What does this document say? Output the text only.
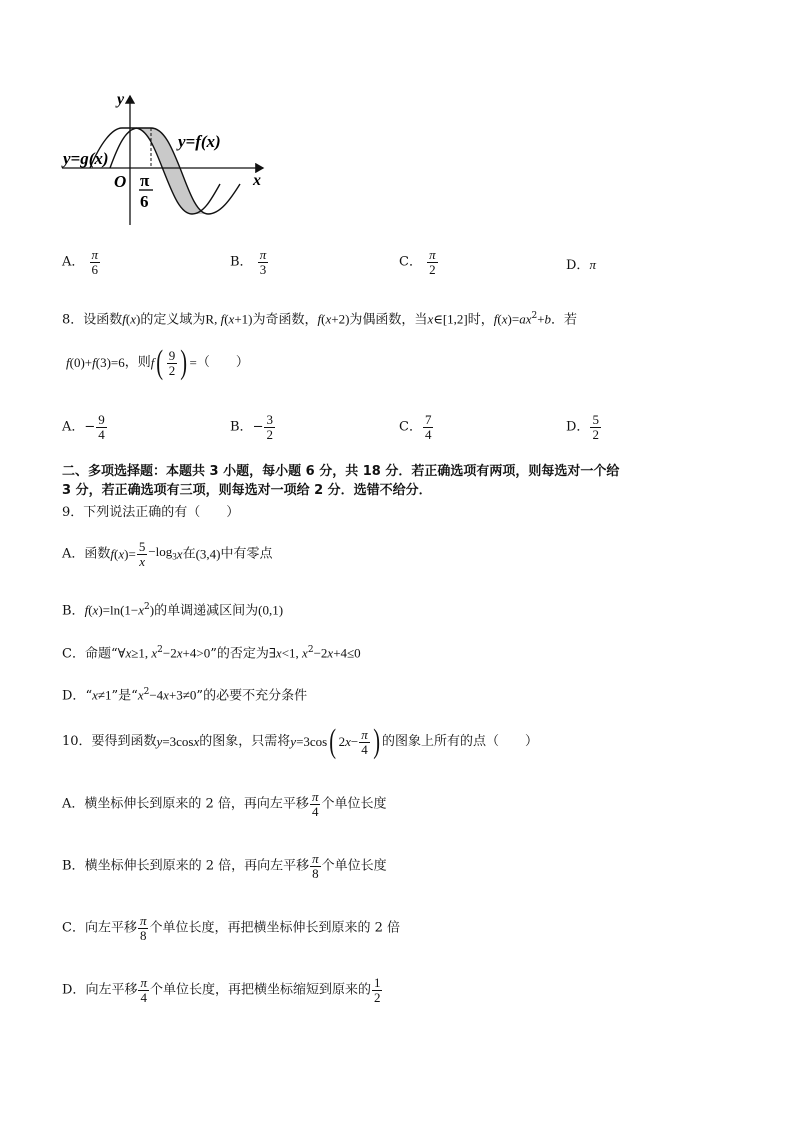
y
x
O
y=g(x)
y=f(x)
π
6
A． $\frac{\pi}{6}$	B． $\frac{\pi}{3}$	C． $\frac{\pi}{2}$	D．π
8．设函数f(x)的定义域为R, f(x+1)为奇函数，f(x+2)为偶函数，当x∈[1,2]时，$f(x)=ax^2+b$．若
f(0)+f(3)=6，则$f( \frac{9}{2}$ ) =（　　）
A．− $\frac{9}{4}$	B．− $\frac{3}{2}$	C． $\frac{7}{4}$	D． $\frac{5}{2}$
二、多项选择题：本题共 3 小题，每小题 6 分，共 18 分．若正确选项有两项，则每选对一个给
3 分，若正确选项有三项，则每选对一项给 2 分．选错不给分．
9．下列说法正确的有（　　）
A．函数$f(x)= \frac{5}{x} -\log_3x$在(3,4)中有零点
B．$f(x)=\ln(1-x^2)$的单调递减区间为(0,1)
C．命题“∀x≥1, $x^2-2x+4>0$”的否定为∃x<1, $x^2-2x+4\le 0$
D．“x≠1”是“$x^2-4x+3\ne 0$”的必要不充分条件
10．要得到函数y=3cosx的图象，只需将y=3cos( $2x- \frac{\pi}{4}$ ) 的图象上所有的点（　　）
A．横坐标伸长到原来的 2 倍，再向左平移 $\frac{\pi}{4}$ 个单位长度
B．横坐标伸长到原来的 2 倍，再向左平移 $\frac{\pi}{8}$ 个单位长度
C．向左平移 $\frac{\pi}{8}$ 个单位长度，再把横坐标伸长到原来的 2 倍
D．向左平移 $\frac{\pi}{4}$ 个单位长度，再把横坐标缩短到原来的 $\frac{1}{2}$
